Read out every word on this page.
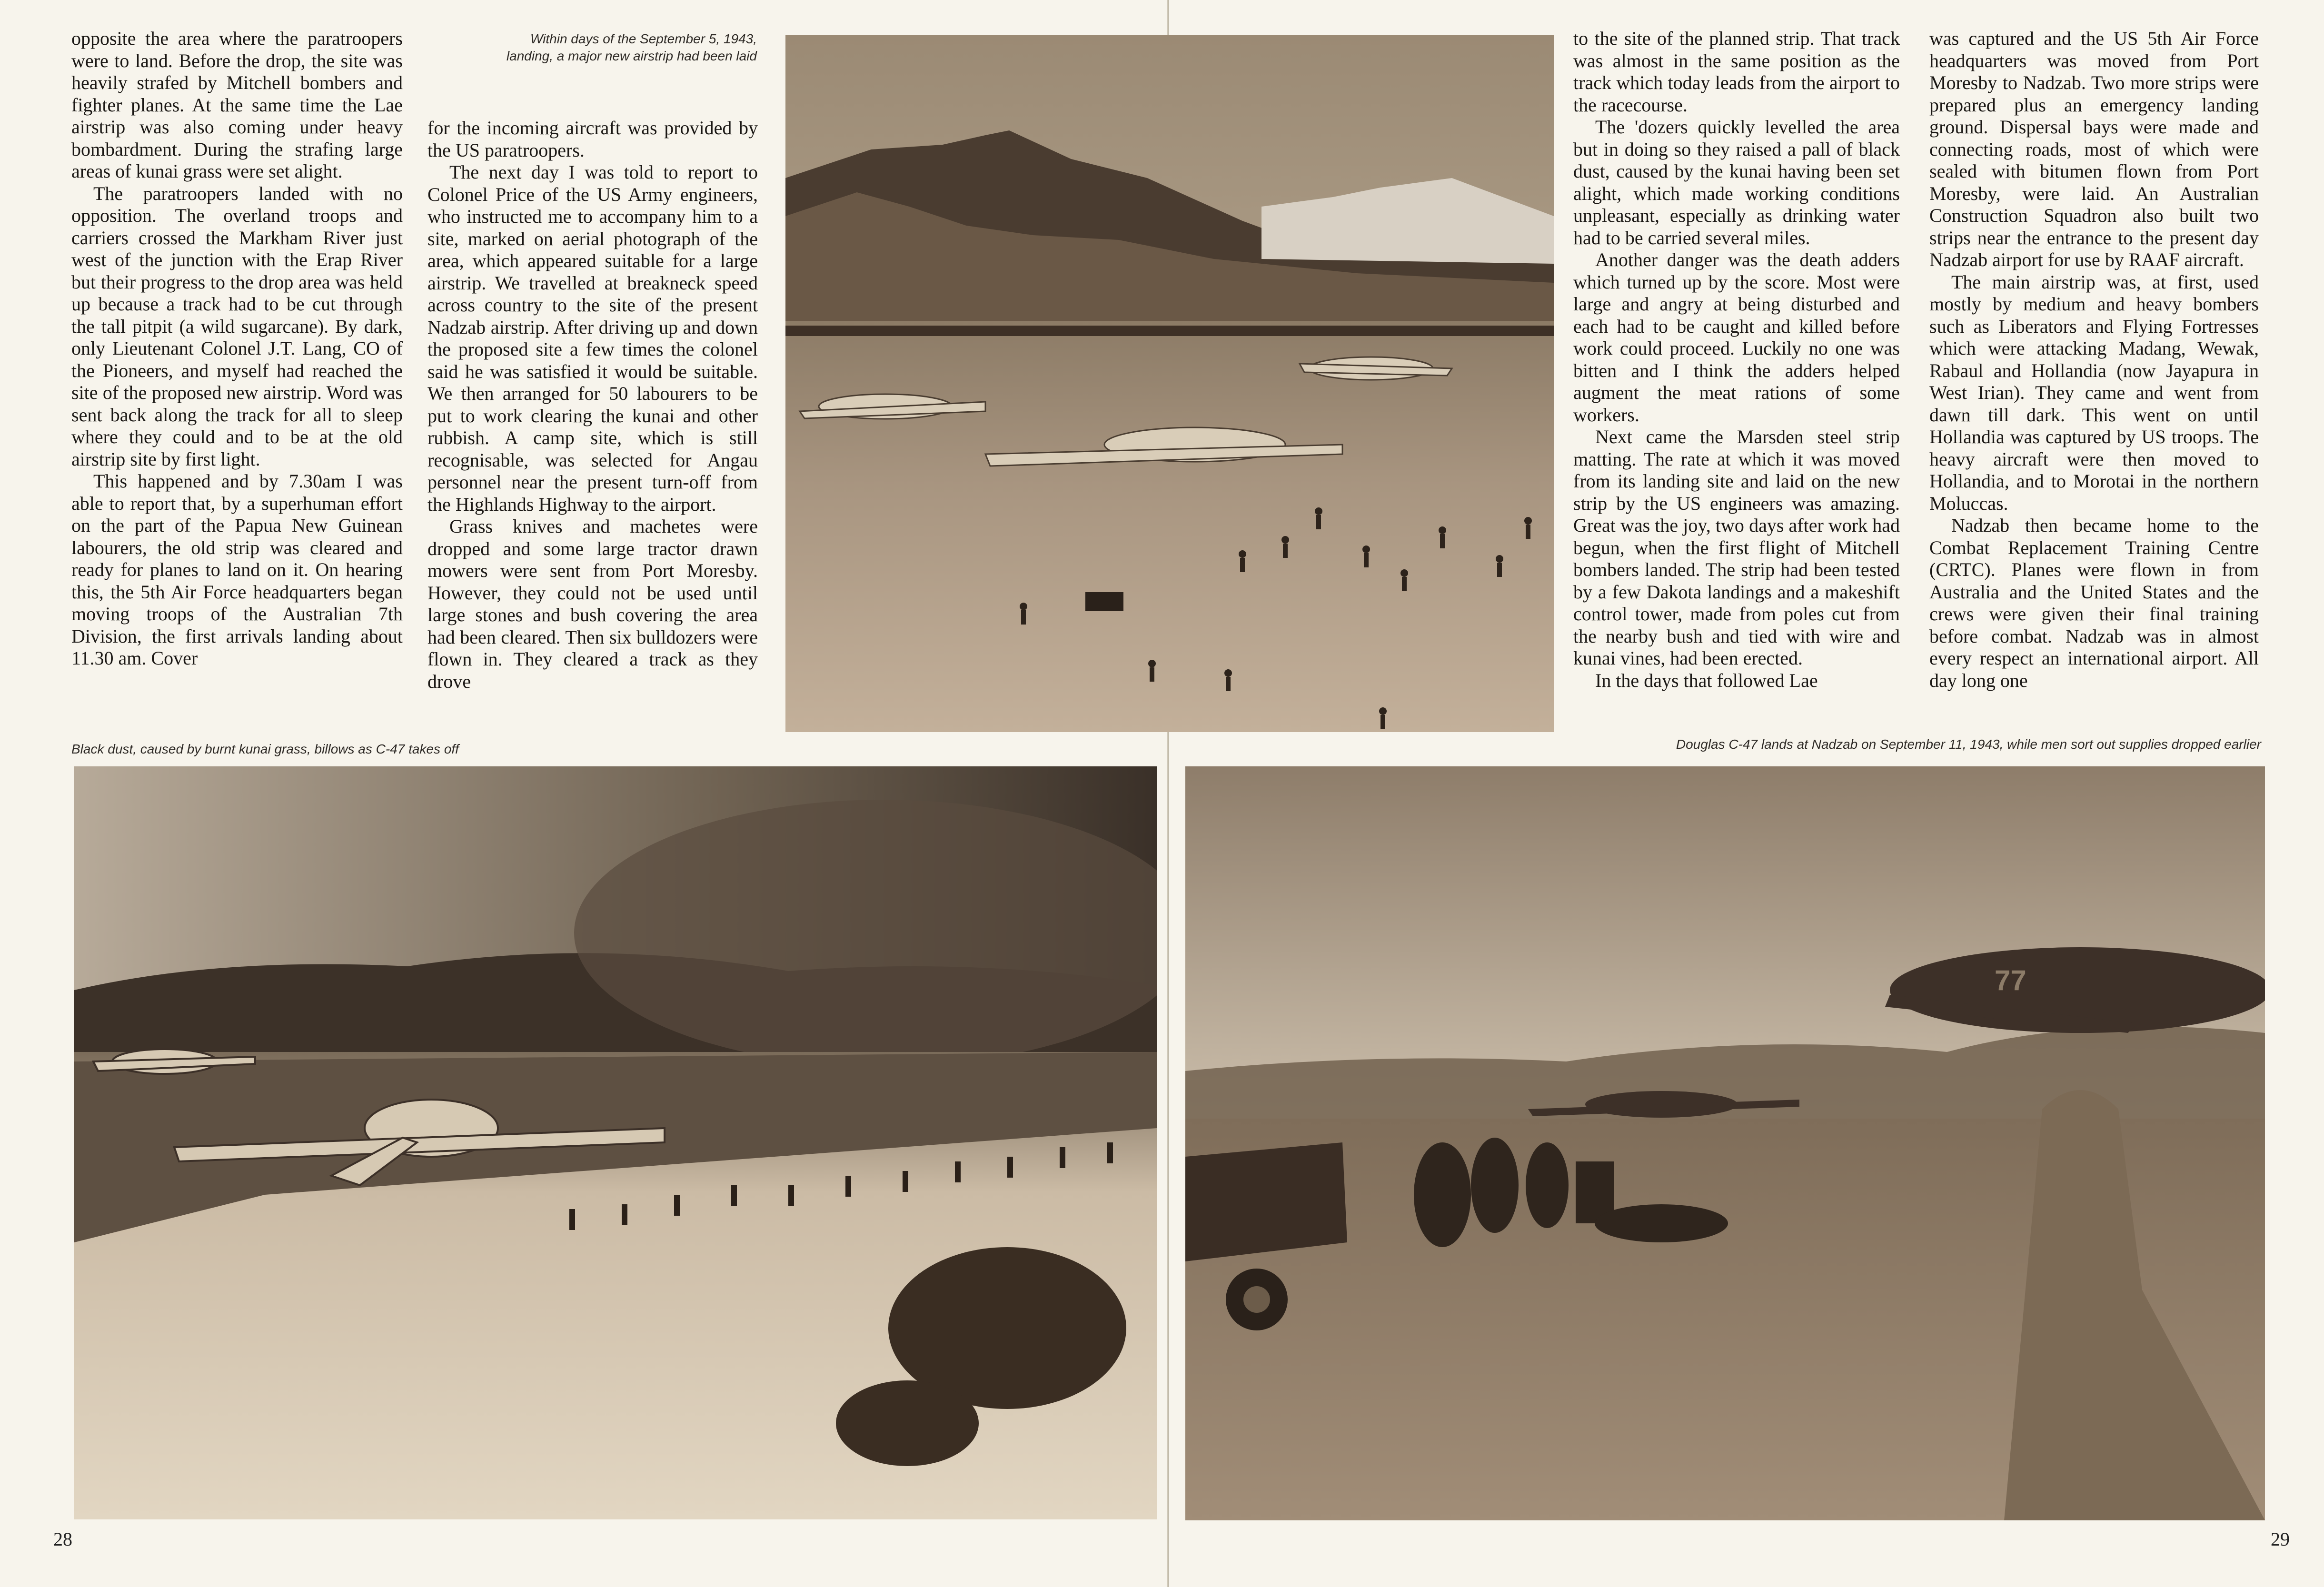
opposite the area where the paratroopers were to land. Before the drop, the site was heavily strafed by Mitchell bombers and fighter planes. At the same time the Lae airstrip was also coming under heavy bombardment. During the strafing large areas of kunai grass were set alight.

The paratroopers landed with no opposition. The overland troops and carriers crossed the Markham River just west of the junction with the Erap River but their progress to the drop area was held up because a track had to be cut through the tall pitpit (a wild sugarcane). By dark, only Lieutenant Colonel J.T. Lang, CO of the Pioneers, and myself had reached the site of the proposed new airstrip. Word was sent back along the track for all to sleep where they could and to be at the old airstrip site by first light.

This happened and by 7.30am I was able to report that, by a superhuman effort on the part of the Papua New Guinean labourers, the old strip was cleared and ready for planes to land on it. On hearing this, the 5th Air Force headquarters began moving troops of the Australian 7th Division, the first arrivals landing about 11.30 am. Cover

Within days of the September 5, 1943, landing, a major new airstrip had been laid

for the incoming aircraft was provided by the US paratroopers.

The next day I was told to report to Colonel Price of the US Army engineers, who instructed me to accompany him to a site, marked on aerial photograph of the area, which appeared suitable for a large airstrip. We travelled at breakneck speed across country to the site of the present Nadzab airstrip. After driving up and down the proposed site a few times the colonel said he was satisfied it would be suitable. We then arranged for 50 labourers to be put to work clearing the kunai and other rubbish. A camp site, which is still recognisable, was selected for Angau personnel near the present turn-off from the Highlands Highway to the airport.

Grass knives and machetes were dropped and some large tractor drawn mowers were sent from Port Moresby. However, they could not be used until large stones and bush covering the area had been cleared. Then six bulldozers were flown in. They cleared a track as they drove

to the site of the planned strip. That track was almost in the same position as the track which today leads from the airport to the racecourse.

The 'dozers quickly levelled the area but in doing so they raised a pall of black dust, caused by the kunai having been set alight, which made working conditions unpleasant, especially as drinking water had to be carried several miles.

Another danger was the death adders which turned up by the score. Most were large and angry at being disturbed and each had to be caught and killed before work could proceed. Luckily no one was bitten and I think the adders helped augment the meat rations of some workers.

Next came the Marsden steel strip matting. The rate at which it was moved from its landing site and laid on the new strip by the US engineers was amazing. Great was the joy, two days after work had begun, when the first flight of Mitchell bombers landed. The strip had been tested by a few Dakota landings and a makeshift control tower, made from poles cut from the nearby bush and tied with wire and kunai vines, had been erected.

In the days that followed Lae

was captured and the US 5th Air Force headquarters was moved from Port Moresby to Nadzab. Two more strips were prepared plus an emergency landing ground. Dispersal bays were made and connecting roads, most of which were sealed with bitumen flown from Port Moresby, were laid. An Australian Construction Squadron also built two strips near the entrance to the present day Nadzab airport for use by RAAF aircraft.

The main airstrip was, at first, used mostly by medium and heavy bombers such as Liberators and Flying Fortresses which were attacking Madang, Wewak, Rabaul and Hollandia (now Jayapura in West Irian). They came and went from dawn till dark. This went on until Hollandia was captured by US troops. The heavy aircraft were then moved to Hollandia, and to Morotai in the northern Moluccas.

Nadzab then became home to the Combat Replacement Training Centre (CRTC). Planes were flown in from Australia and the United States and the crews were given their final training before combat. Nadzab was in almost every respect an international airport. All day long one

Black dust, caused by burnt kunai grass, billows as C-47 takes off	Douglas C-47 lands at Nadzab on September 11, 1943, while men sort out supplies dropped earlier
77
28	29
